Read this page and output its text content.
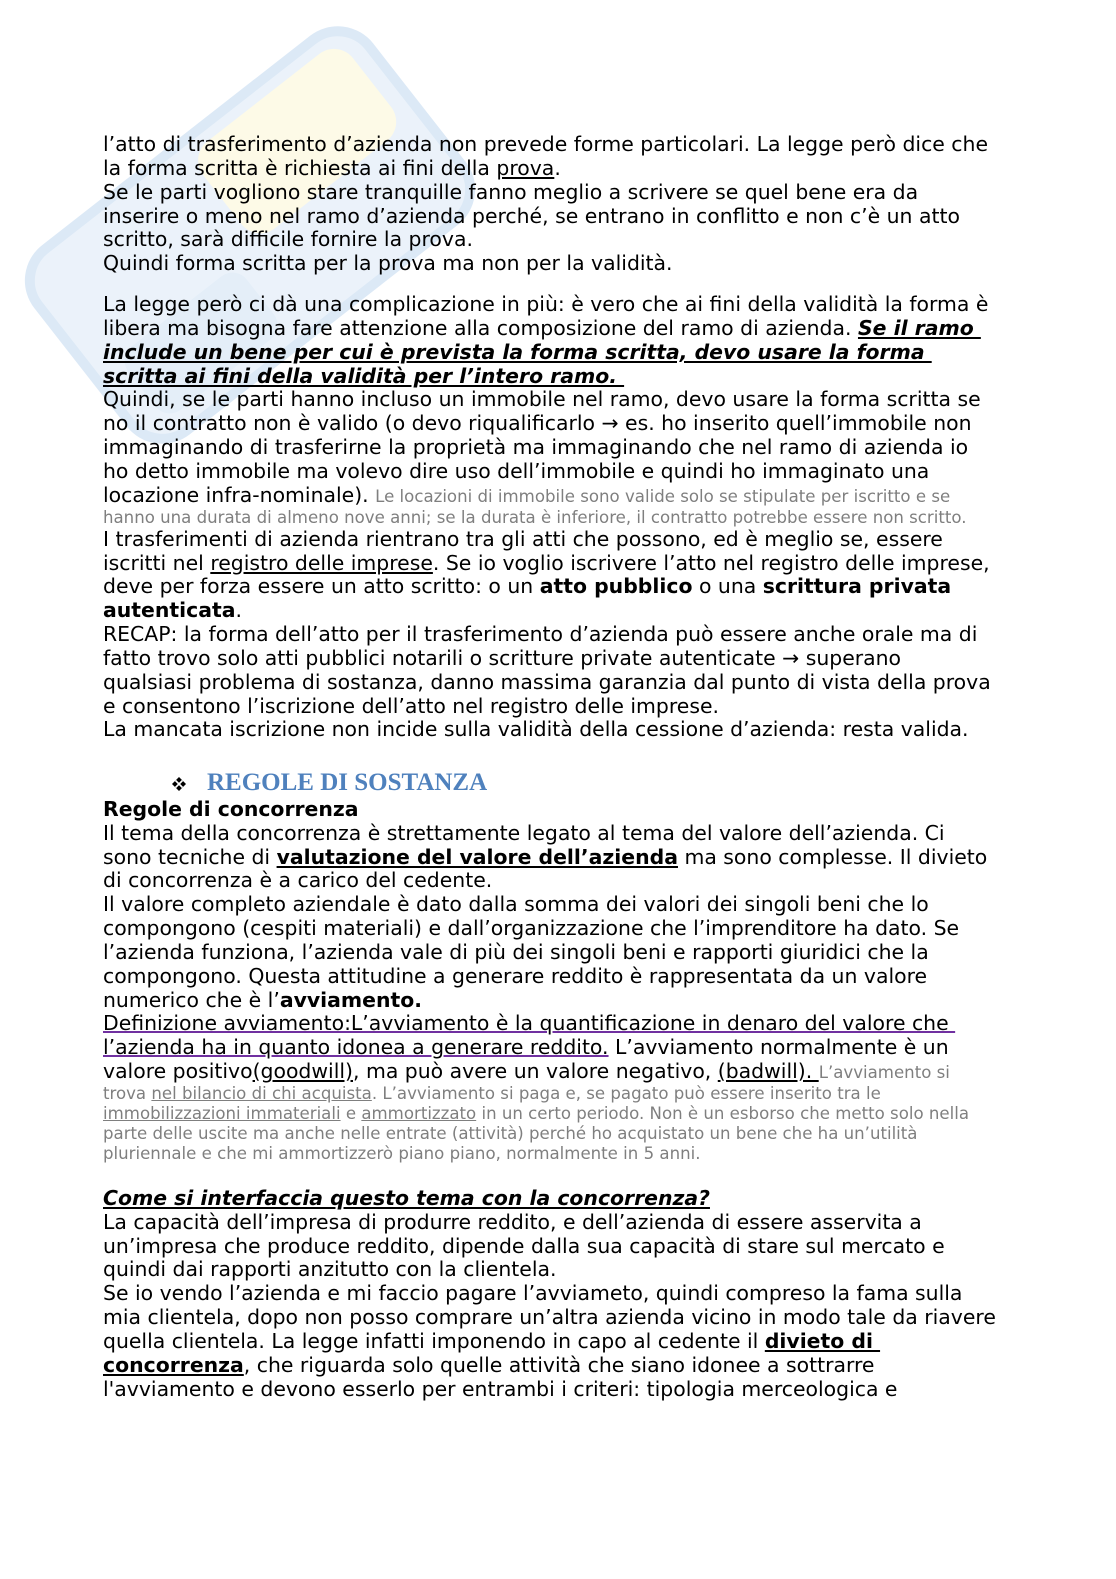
l’atto di trasferimento d’azienda non prevede forme particolari. La legge però dice che
la forma scritta è richiesta ai fini della prova.
Se le parti vogliono stare tranquille fanno meglio a scrivere se quel bene era da
inserire o meno nel ramo d’azienda perché, se entrano in conflitto e non c’è un atto
scritto, sarà difficile fornire la prova.
Quindi forma scritta per la prova ma non per la validità.
La legge però ci dà una complicazione in più: è vero che ai fini della validità la forma è
libera ma bisogna fare attenzione alla composizione del ramo di azienda. Se il ramo
include un bene per cui è prevista la forma scritta, devo usare la forma
scritta ai fini della validità per l’intero ramo.
Quindi, se le parti hanno incluso un immobile nel ramo, devo usare la forma scritta se
no il contratto non è valido (o devo riqualificarlo → es. ho inserito quell’immobile non
immaginando di trasferirne la proprietà ma immaginando che nel ramo di azienda io
ho detto immobile ma volevo dire uso dell’immobile e quindi ho immaginato una
locazione infra-nominale). Le locazioni di immobile sono valide solo se stipulate per iscritto e se
hanno una durata di almeno nove anni; se la durata è inferiore, il contratto potrebbe essere non scritto.
I trasferimenti di azienda rientrano tra gli atti che possono, ed è meglio se, essere
iscritti nel registro delle imprese. Se io voglio iscrivere l’atto nel registro delle imprese,
deve per forza essere un atto scritto: o un atto pubblico o una scrittura privata
autenticata.
RECAP: la forma dell’atto per il trasferimento d’azienda può essere anche orale ma di
fatto trovo solo atti pubblici notarili o scritture private autenticate → superano
qualsiasi problema di sostanza, danno massima garanzia dal punto di vista della prova
e consentono l’iscrizione dell’atto nel registro delle imprese.
La mancata iscrizione non incide sulla validità della cessione d’azienda: resta valida.
REGOLE DI SOSTANZA
Regole di concorrenza
Il tema della concorrenza è strettamente legato al tema del valore dell’azienda. Ci
sono tecniche di valutazione del valore dell’azienda ma sono complesse. Il divieto
di concorrenza è a carico del cedente.
Il valore completo aziendale è dato dalla somma dei valori dei singoli beni che lo
compongono (cespiti materiali) e dall’organizzazione che l’imprenditore ha dato. Se
l’azienda funziona, l’azienda vale di più dei singoli beni e rapporti giuridici che la
compongono. Questa attitudine a generare reddito è rappresentata da un valore
numerico che è l’avviamento.
Definizione avviamento:L’avviamento è la quantificazione in denaro del valore che
l’azienda ha in quanto idonea a generare reddito. L’avviamento normalmente è un
valore positivo(goodwill), ma può avere un valore negativo, (badwill). L’avviamento si
trova nel bilancio di chi acquista. L’avviamento si paga e, se pagato può essere inserito tra le
immobilizzazioni immateriali e ammortizzato in un certo periodo. Non è un esborso che metto solo nella
parte delle uscite ma anche nelle entrate (attività) perché ho acquistato un bene che ha un’utilità
pluriennale e che mi ammortizzerò piano piano, normalmente in 5 anni.
Come si interfaccia questo tema con la concorrenza?
La capacità dell’impresa di produrre reddito, e dell’azienda di essere asservita a
un’impresa che produce reddito, dipende dalla sua capacità di stare sul mercato e
quindi dai rapporti anzitutto con la clientela.
Se io vendo l’azienda e mi faccio pagare l’avviameto, quindi compreso la fama sulla
mia clientela, dopo non posso comprare un’altra azienda vicino in modo tale da riavere
quella clientela. La legge infatti imponendo in capo al cedente il divieto di
concorrenza, che riguarda solo quelle attività che siano idonee a sottrarre
l'avviamento e devono esserlo per entrambi i criteri: tipologia merceologica e
